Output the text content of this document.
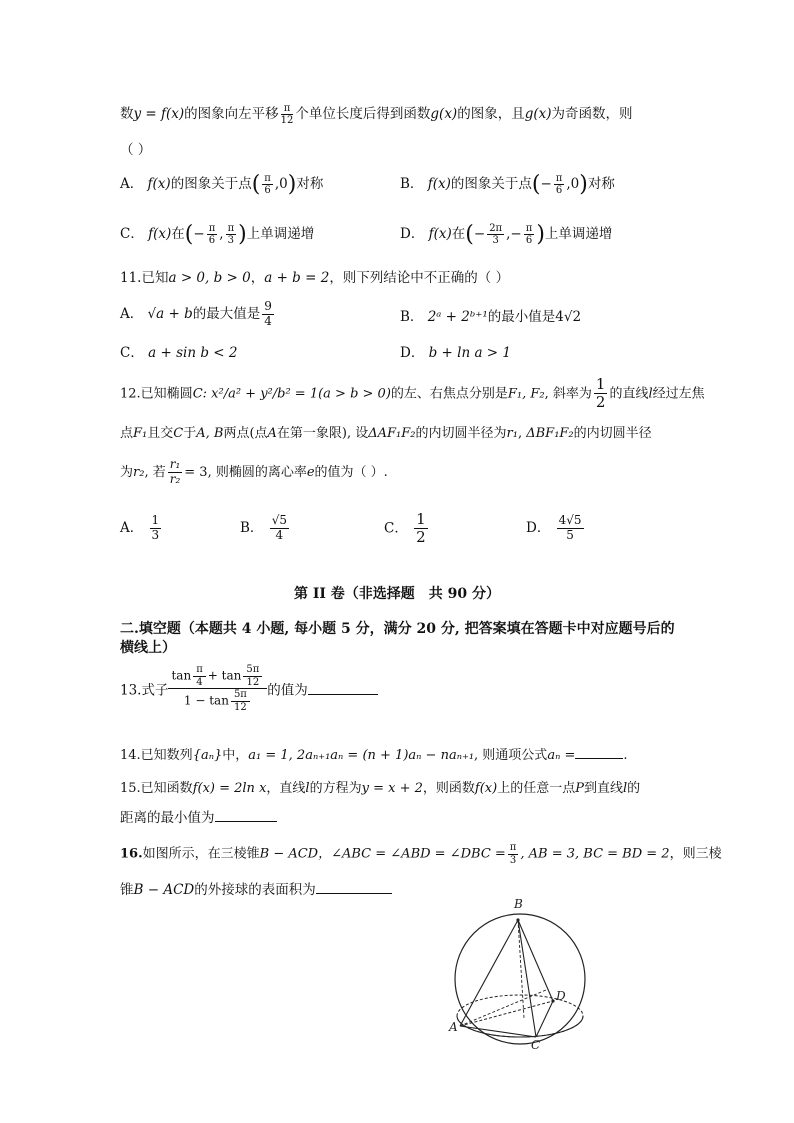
数y = f(x)的图象向左平移 $\frac{\pi}{12}$ 个单位长度后得到函数g(x)的图象，且g(x)为奇函数，则
（ ）
A． f(x)的图象关于点( $\frac{\pi}{6} ,0$)对称	B． f(x)的图象关于点(− $\frac{\pi}{6} ,0$)对称
C． f(x)在(− $\frac{\pi}{6}$ , $\frac{\pi}{3}$ )上单调递增	D． f(x)在(− $\frac{2\pi}{3}$ ,− $\frac{\pi}{6}$ )上单调递增
11.已知a > 0, b > 0，a + b = 2，则下列结论中不正确的（ ）
A． √a + b的最大值是 $\frac{9}{4}$	B． 2ᵃ + 2ᵇ⁺¹的最小值是4√2
C． a + sin b < 2	D． b + ln a > 1
12.已知椭圆C: x²/a² + y²/b² = 1(a > b > 0)的左、右焦点分别是F₁, F₂, 斜率为 $\frac{1}{2}$ 的直线l经过左焦
点F₁且交C于A, B两点(点A在第一象限), 设ΔAF₁F₂的内切圆半径为r₁, ΔBF₁F₂的内切圆半径
为r₂, 若 $\frac{\text{r₁}}{\text{r₂}} = 3$, 则椭圆的离心率e的值为（ ）.
A． $\frac{1}{3}$	B． $\frac{√5}{4}$	C． $\frac{1}{2}$	D． $\frac{4√5}{5}$
第 II 卷（非选择题　共 90 分）
二.填空题（本题共 4 小题, 每小题 5 分，满分 20 分, 把答案填在答题卡中对应题号后的横线上）
13.式子 $\frac{\tan \frac{\pi}{4} + \tan \frac{5\pi}{12}}{1 - \tan \frac{5\pi}{12}}$ 的值为
14.已知数列{aₙ}中，a₁ = 1, 2aₙ₊₁aₙ = (n + 1)aₙ − naₙ₊₁, 则通项公式aₙ =	.
15.已知函数f(x) = 2ln x，直线l的方程为y = x + 2，则函数f(x)上的任意一点P到直线l的
距离的最小值为
16.如图所示，在三棱锥B − ACD，∠ABC = ∠ABD = ∠DBC = $\frac{\pi}{3}$ , AB = 3, BC = BD = 2，则三棱
锥B − ACD的外接球的表面积为
B
D
A
C
